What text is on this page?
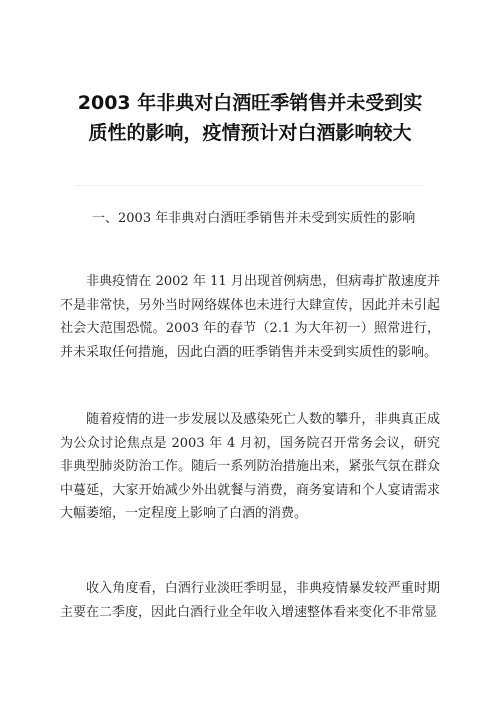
2003 年非典对白酒旺季销售并未受到实质性的影响，疫情预计对白酒影响较大
一、2003 年非典对白酒旺季销售并未受到实质性的影响

非典疫情在 2002 年 11 月出现首例病患，但病毒扩散速度并不是非常快，另外当时网络媒体也未进行大肆宣传，因此并未引起社会大范围恐慌。2003 年的春节（2.1 为大年初一）照常进行，并未采取任何措施，因此白酒的旺季销售并未受到实质性的影响。

随着疫情的进一步发展以及感染死亡人数的攀升，非典真正成为公众讨论焦点是 2003 年 4 月初，国务院召开常务会议，研究非典型肺炎防治工作。随后一系列防治措施出来，紧张气氛在群众中蔓延，大家开始减少外出就餐与消费，商务宴请和个人宴请需求大幅萎缩，一定程度上影响了白酒的消费。

收入角度看，白酒行业淡旺季明显，非典疫情暴发较严重时期主要在二季度，因此白酒行业全年收入增速整体看来变化不非常显
